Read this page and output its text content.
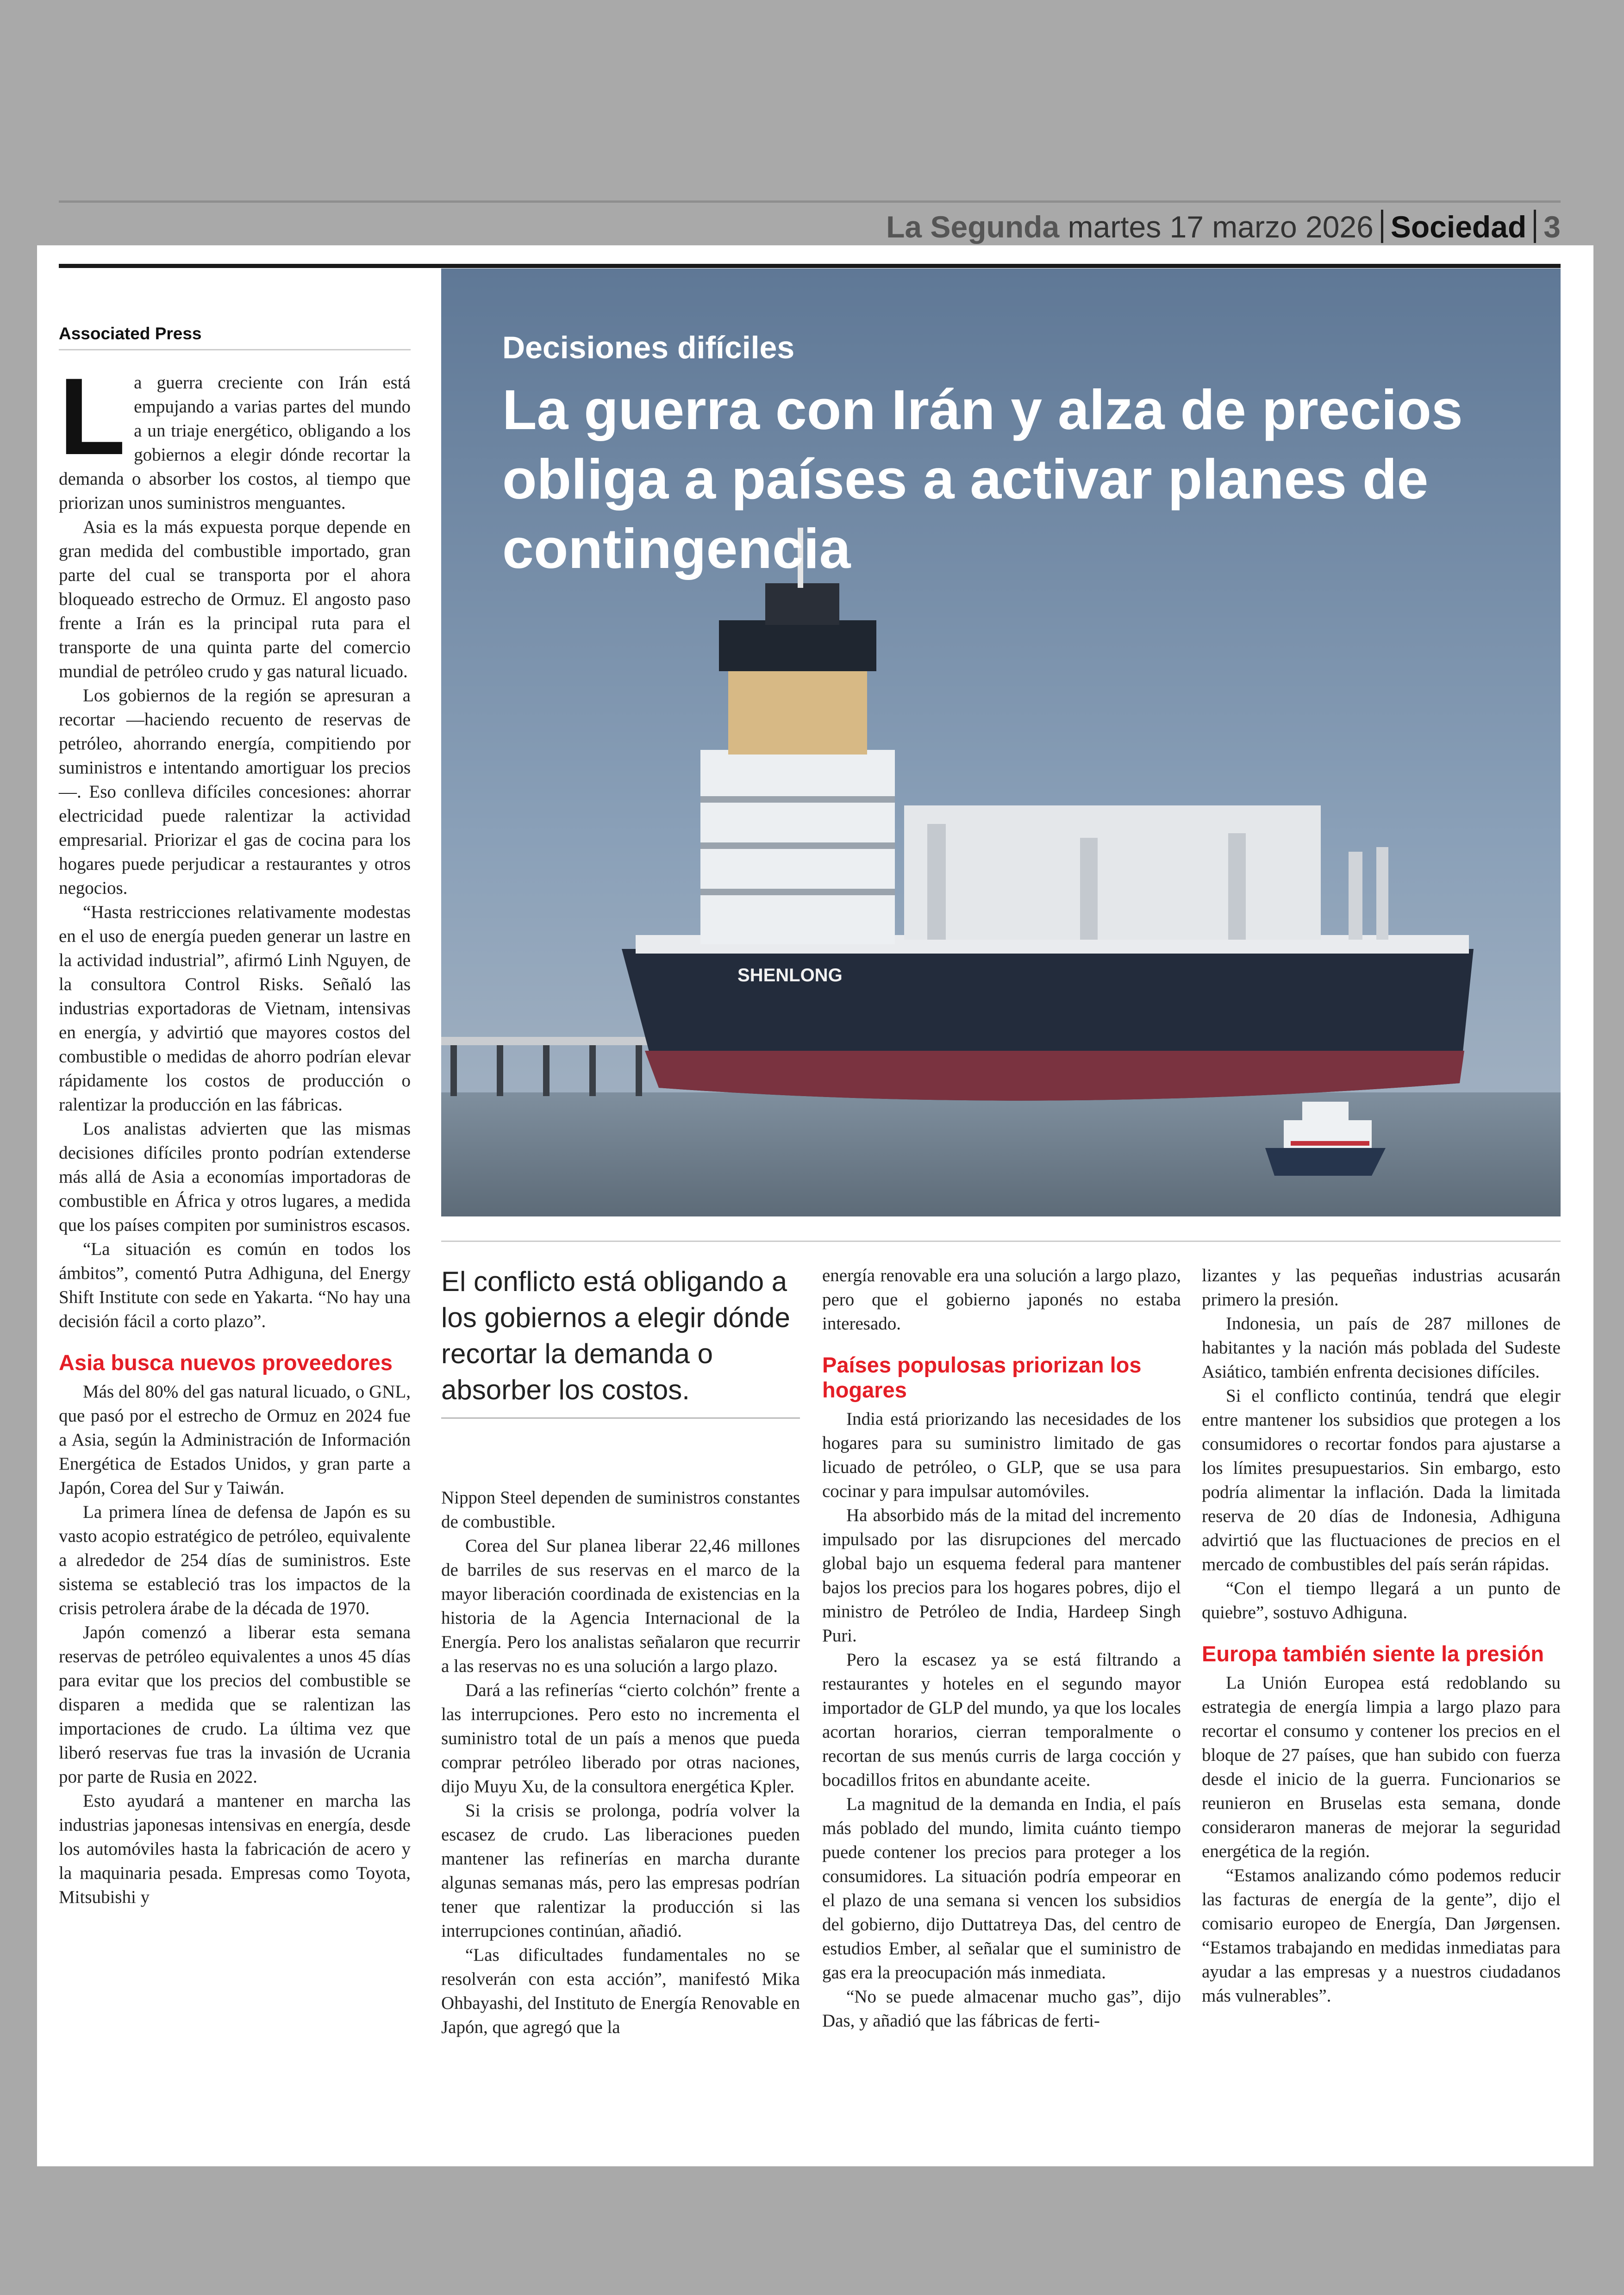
La Segunda martes 17 marzo 2026 Sociedad 3
Associated Press

La guerra creciente con Irán está empujando a varias partes del mundo a un triaje energético, obligando a los gobiernos a elegir dónde recortar la demanda o absorber los costos, al tiempo que priorizan unos suministros menguantes.

Asia es la más expuesta porque depende en gran medida del combustible importado, gran parte del cual se transporta por el ahora bloqueado estrecho de Ormuz. El angosto paso frente a Irán es la principal ruta para el transporte de una quinta parte del comercio mundial de petróleo crudo y gas natural licuado.

Los gobiernos de la región se apresuran a recortar —haciendo recuento de reservas de petróleo, ahorrando energía, compitiendo por suministros e intentando amortiguar los precios—. Eso conlleva difíciles concesiones: ahorrar electricidad puede ralentizar la actividad empresarial. Priorizar el gas de cocina para los hogares puede perjudicar a restaurantes y otros negocios.

“Hasta restricciones relativamente modestas en el uso de energía pueden generar un lastre en la actividad industrial”, afirmó Linh Nguyen, de la consultora Control Risks. Señaló las industrias exportadoras de Vietnam, intensivas en energía, y advirtió que mayores costos del combustible o medidas de ahorro podrían elevar rápidamente los costos de producción o ralentizar la producción en las fábricas.

Los analistas advierten que las mismas decisiones difíciles pronto podrían extenderse más allá de Asia a economías importadoras de combustible en África y otros lugares, a medida que los países compiten por suministros escasos.

“La situación es común en todos los ámbitos”, comentó Putra Adhiguna, del Energy Shift Institute con sede en Yakarta. “No hay una decisión fácil a corto plazo”.

Asia busca nuevos proveedores

Más del 80% del gas natural licuado, o GNL, que pasó por el estrecho de Ormuz en 2024 fue a Asia, según la Administración de Información Energética de Estados Unidos, y gran parte a Japón, Corea del Sur y Taiwán.

La primera línea de defensa de Japón es su vasto acopio estratégico de petróleo, equivalente a alrededor de 254 días de suministros. Este sistema se estableció tras los impactos de la crisis petrolera árabe de la década de 1970.

Japón comenzó a liberar esta semana reservas de petróleo equivalentes a unos 45 días para evitar que los precios del combustible se disparen a medida que se ralentizan las importaciones de crudo. La última vez que liberó reservas fue tras la invasión de Ucrania por parte de Rusia en 2022.

Esto ayudará a mantener en marcha las industrias japonesas intensivas en energía, desde los automóviles hasta la fabricación de acero y la maquinaria pesada. Empresas como Toyota, Mitsubishi y

SHENLONG
Decisiones difíciles
La guerra con Irán y alza de precios obliga a países a activar planes de contingencia
El conflicto está obligando a los gobiernos a elegir dónde recortar la demanda o absorber los costos.

Nippon Steel dependen de suministros constantes de combustible.

Corea del Sur planea liberar 22,46 millones de barriles de sus reservas en el marco de la mayor liberación coordinada de existencias en la historia de la Agencia Internacional de la Energía. Pero los analistas señalaron que recurrir a las reservas no es una solución a largo plazo.

Dará a las refinerías “cierto colchón” frente a las interrupciones. Pero esto no incrementa el suministro total de un país a menos que pueda comprar petróleo liberado por otras naciones, dijo Muyu Xu, de la consultora energética Kpler.

Si la crisis se prolonga, podría volver la escasez de crudo. Las liberaciones pueden mantener las refinerías en marcha durante algunas semanas más, pero las empresas podrían tener que ralentizar la producción si las interrupciones continúan, añadió.

“Las dificultades fundamentales no se resolverán con esta acción”, manifestó Mika Ohbayashi, del Instituto de Energía Renovable en Japón, que agregó que la

energía renovable era una solución a largo plazo, pero que el gobierno japonés no estaba interesado.

Países populosas priorizan los hogares

India está priorizando las necesidades de los hogares para su suministro limitado de gas licuado de petróleo, o GLP, que se usa para cocinar y para impulsar automóviles.

Ha absorbido más de la mitad del incremento impulsado por las disrupciones del mercado global bajo un esquema federal para mantener bajos los precios para los hogares pobres, dijo el ministro de Petróleo de India, Hardeep Singh Puri.

Pero la escasez ya se está filtrando a restaurantes y hoteles en el segundo mayor importador de GLP del mundo, ya que los locales acortan horarios, cierran temporalmente o recortan de sus menús curris de larga cocción y bocadillos fritos en abundante aceite.

La magnitud de la demanda en India, el país más poblado del mundo, limita cuánto tiempo puede contener los precios para proteger a los consumidores. La situación podría empeorar en el plazo de una semana si vencen los subsidios del gobierno, dijo Duttatreya Das, del centro de estudios Ember, al señalar que el suministro de gas era la preocupación más inmediata.

“No se puede almacenar mucho gas”, dijo Das, y añadió que las fábricas de ferti-

lizantes y las pequeñas industrias acusarán primero la presión.

Indonesia, un país de 287 millones de habitantes y la nación más poblada del Sudeste Asiático, también enfrenta decisiones difíciles.

Si el conflicto continúa, tendrá que elegir entre mantener los subsidios que protegen a los consumidores o recortar fondos para ajustarse a los límites presupuestarios. Sin embargo, esto podría alimentar la inflación. Dada la limitada reserva de 20 días de Indonesia, Adhiguna advirtió que las fluctuaciones de precios en el mercado de combustibles del país serán rápidas.

“Con el tiempo llegará a un punto de quiebre”, sostuvo Adhiguna.

Europa también siente la presión

La Unión Europea está redoblando su estrategia de energía limpia a largo plazo para recortar el consumo y contener los precios en el bloque de 27 países, que han subido con fuerza desde el inicio de la guerra. Funcionarios se reunieron en Bruselas esta semana, donde consideraron maneras de mejorar la seguridad energética de la región.

“Estamos analizando cómo podemos reducir las facturas de energía de la gente”, dijo el comisario europeo de Energía, Dan Jørgensen. “Estamos trabajando en medidas inmediatas para ayudar a las empresas y a nuestros ciudadanos más vulnerables”.
